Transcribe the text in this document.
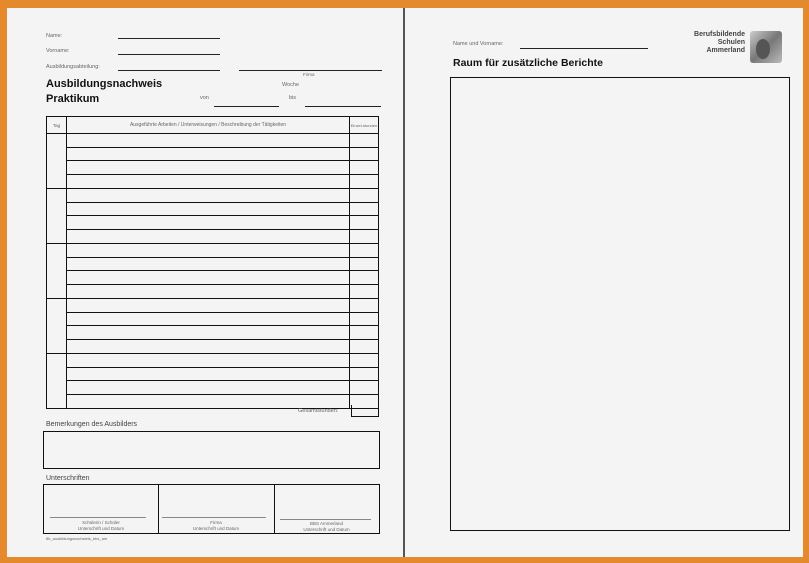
Name:
Vorname:
Ausbildungsabteilung:
Firma
Ausbildungsnachweis
Praktikum
Woche
von	bis
Tag	Ausgeführte Arbeiten / Unterweisungen / Beschreibung der Tätigkeiten	Einzel-stunden
Gesamtstunden:
Bemerkungen des Ausbilders
Unterschriften
Schülerin / Schüler
Unterschrift und Datum
Firma
Unterschrift und Datum
BBS Ammerland
Unterschrift und Datum
8b_ausbildungsnachweis_bbs_am
Name und Vorname:
Raum für zusätzliche Berichte
Berufsbildende
Schulen
Ammerland
